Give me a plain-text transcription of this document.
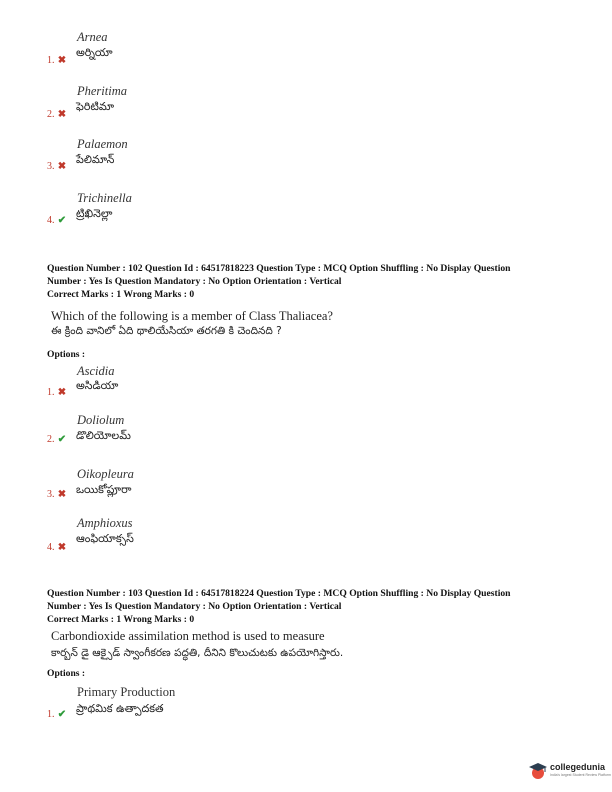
Arnea
అర్నియా
1. ✖
Pheritima
ఫెరిటిమా
2. ✖
Palaemon
పేలిమాన్
3. ✖
Trichinella
ట్రిఖినెల్లా
4. ✔
Question Number : 102 Question Id : 64517818223 Question Type : MCQ Option Shuffling : No Display Question
Number : Yes Is Question Mandatory : No Option Orientation : Vertical
Correct Marks : 1 Wrong Marks : 0
Which of the following is a member of Class Thaliacea?
ఈ క్రింది వానిలో ఏది థాలియేసియా తరగతి కి చెందినది ?
Options :
Ascidia
అసిడియా
1. ✖
Doliolum
డొలియోలమ్
2. ✔
Oikopleura
ఒయికోప్లూరా
3. ✖
Amphioxus
ఆంఫియాక్సస్
4. ✖
Question Number : 103 Question Id : 64517818224 Question Type : MCQ Option Shuffling : No Display Question
Number : Yes Is Question Mandatory : No Option Orientation : Vertical
Correct Marks : 1 Wrong Marks : 0
Carbondioxide assimilation method is used to measure
కార్బన్ డై ఆక్సైడ్ స్వాంగీకరణ పద్ధతి, దీనిని కొలుచుటకు ఉపయోగిస్తారు.
Options :
Primary Production
ప్రాథమిక ఉత్పాదకత
1. ✔
collegedunia
India's largest Student Review Platform
